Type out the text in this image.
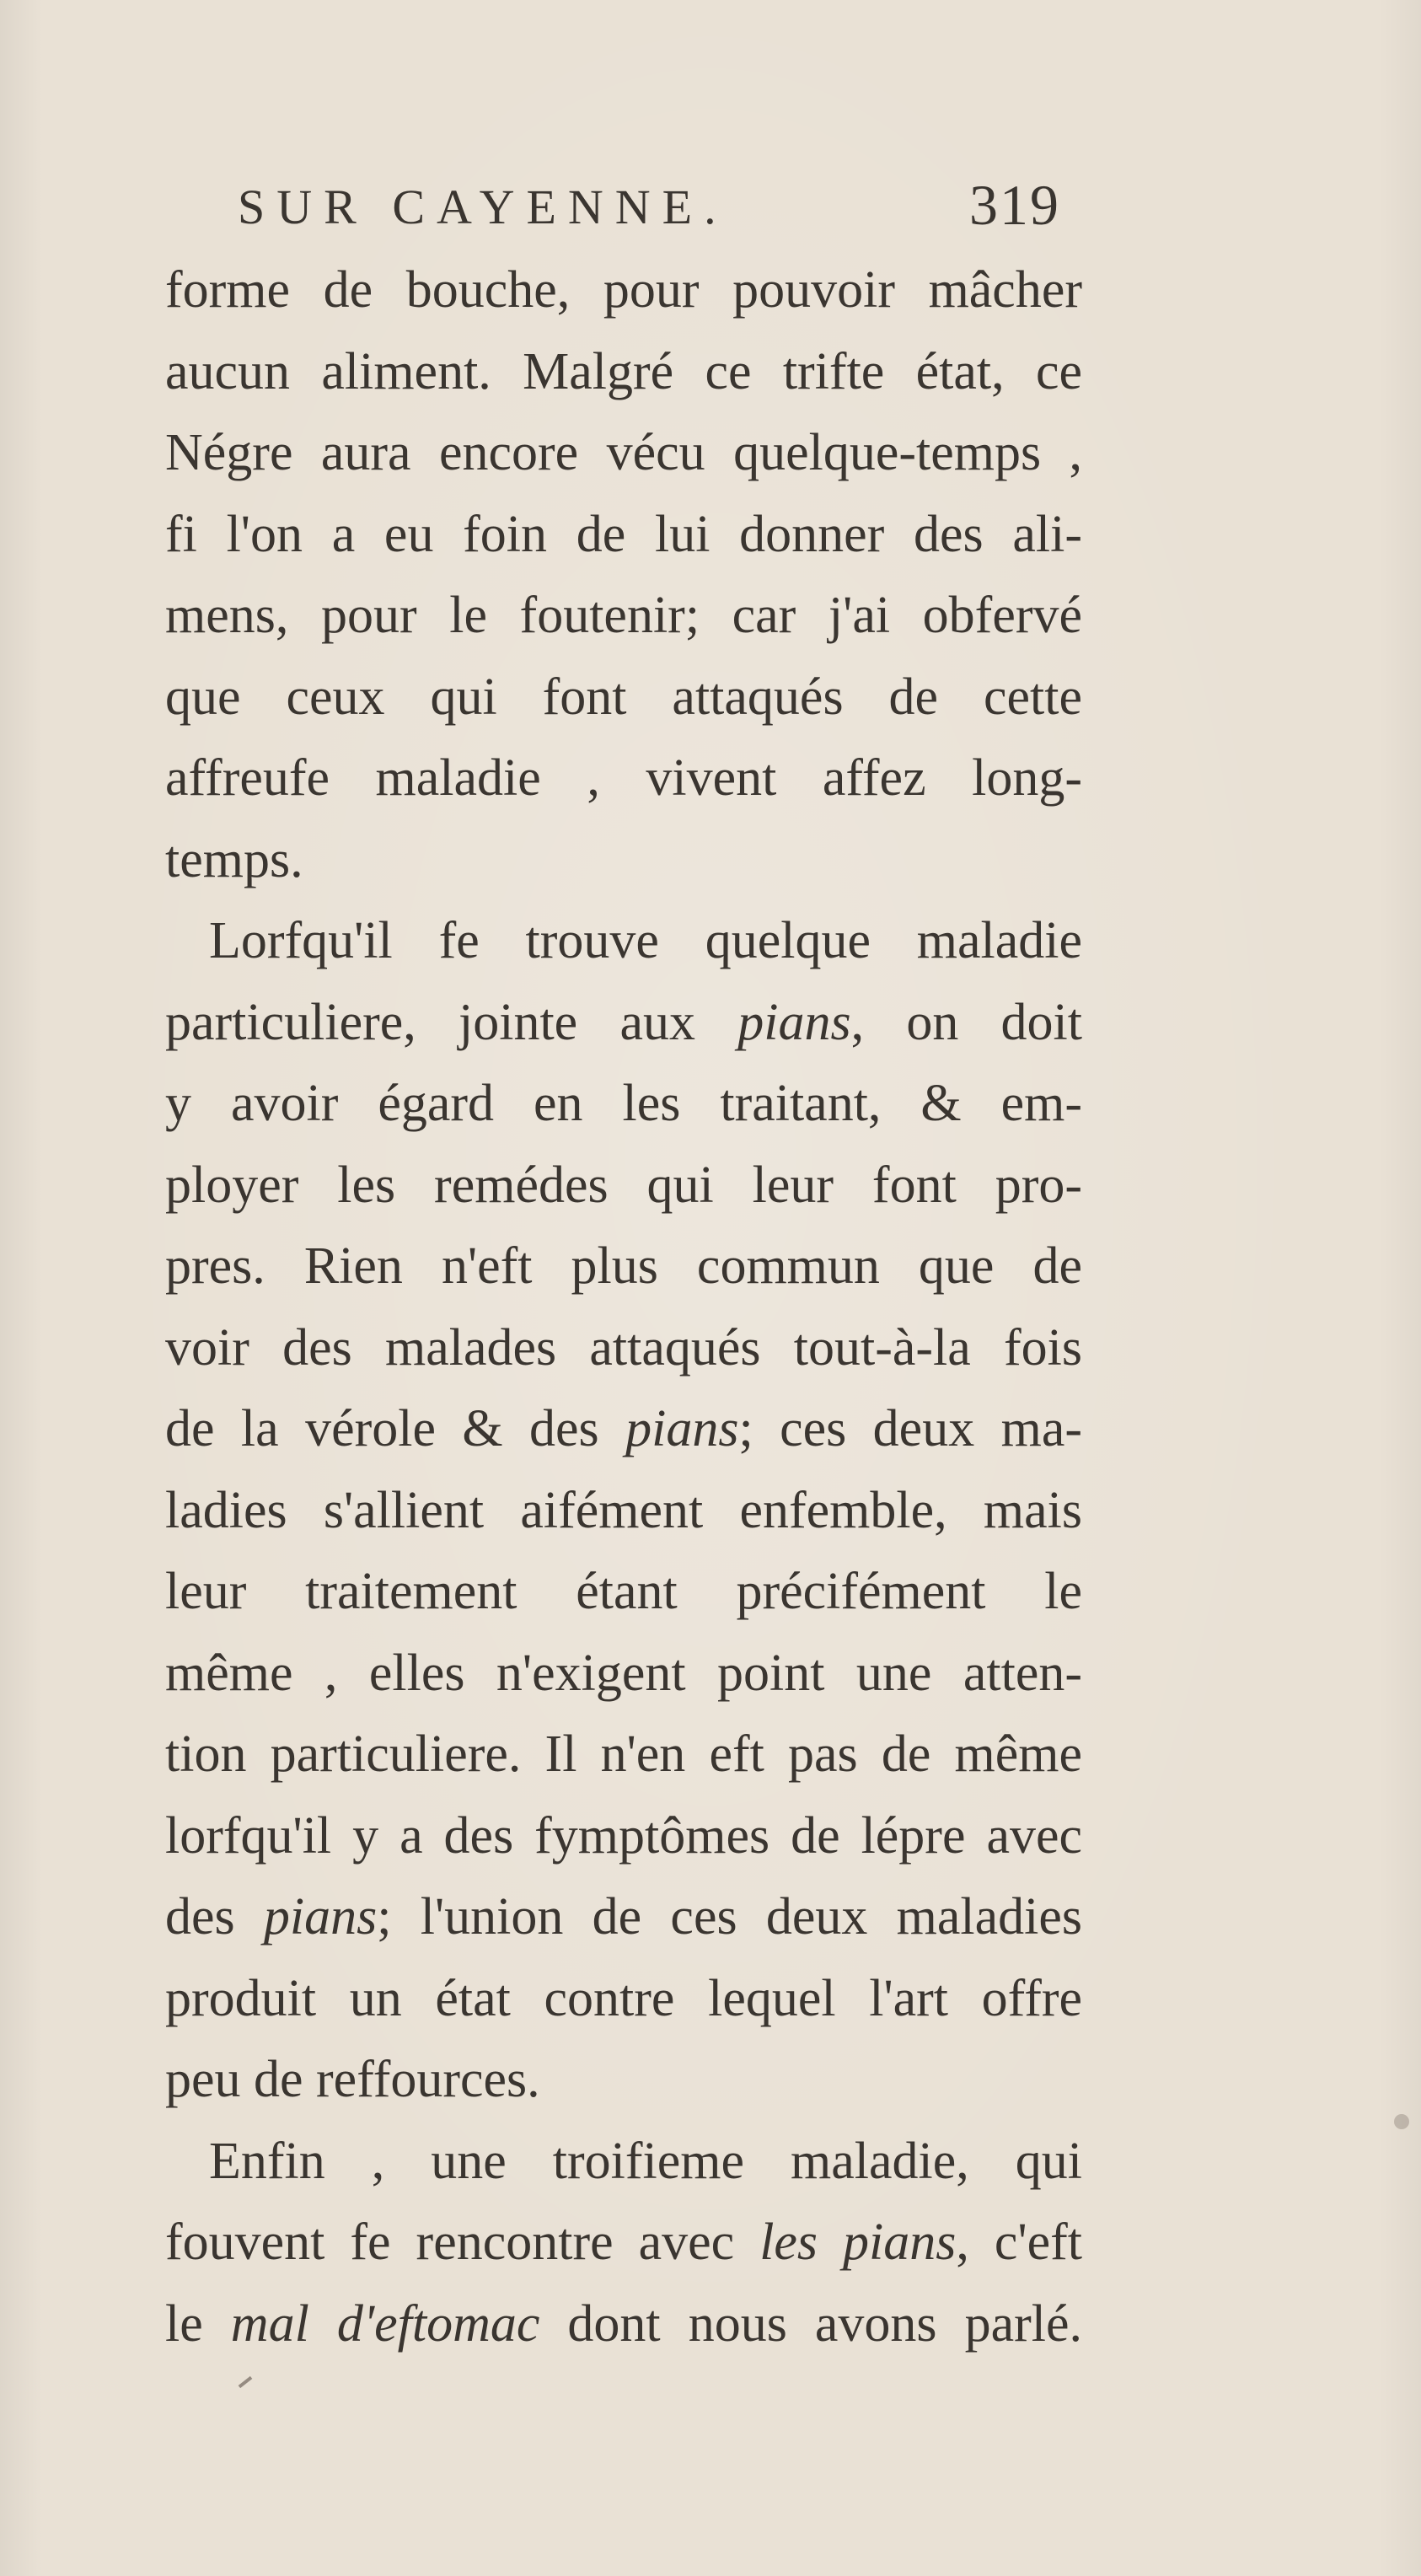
SUR CAYENNE.	319
forme de bouche, pour pouvoir mâcher
aucun aliment. Malgré ce trifte état, ce
Négre aura encore vécu quelque-temps ,
fi l'on a eu foin de lui donner des ali-
mens, pour le foutenir; car j'ai obfervé
que ceux qui font attaqués de cette
affreufe maladie , vivent affez long-
temps.
Lorfqu'il fe trouve quelque maladie
particuliere, jointe aux pians, on doit
y avoir égard en les traitant, & em-
ployer les remédes qui leur font pro-
pres. Rien n'eft plus commun que de
voir des malades attaqués tout-à-la fois
de la vérole & des pians; ces deux ma-
ladies s'allient aifément enfemble, mais
leur traitement étant précifément le
même , elles n'exigent point une atten-
tion particuliere. Il n'en eft pas de même
lorfqu'il y a des fymptômes de lépre avec
des pians; l'union de ces deux maladies
produit un état contre lequel l'art offre
peu de reffources.
Enfin , une troifieme maladie, qui
fouvent fe rencontre avec les pians, c'eft
le mal d'eftomac dont nous avons parlé.
